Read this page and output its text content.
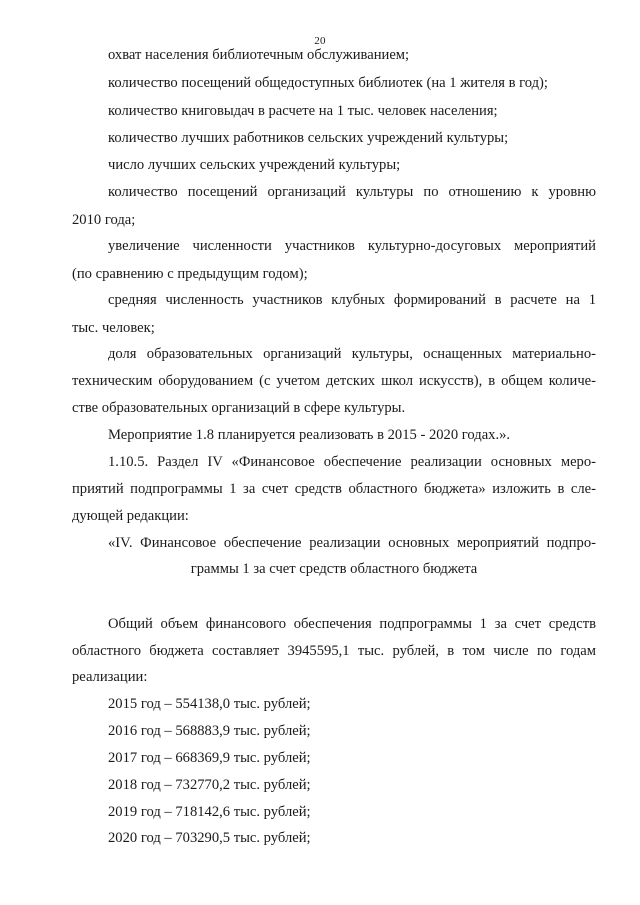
20
охват населения библиотечным обслуживанием;
количество посещений общедоступных библиотек (на 1 жителя в год);
количество книговыдач в расчете на 1 тыс. человек населения;
количество лучших работников сельских учреждений культуры;
число лучших сельских учреждений культуры;
количество посещений организаций культуры по отношению к уровню
2010 года;
увеличение численности участников культурно-досуговых мероприятий
(по сравнению с предыдущим годом);
средняя численность участников клубных формирований в расчете на 1
тыс. человек;
доля образовательных организаций культуры, оснащенных материально-
техническим оборудованием (с учетом детских школ искусств), в общем количе-
стве образовательных организаций в сфере культуры.
Мероприятие 1.8 планируется реализовать в 2015 - 2020 годах.».
1.10.5. Раздел IV «Финансовое обеспечение реализации основных меро-
приятий подпрограммы 1 за счет средств областного бюджета» изложить в сле-
дующей редакции:
«IV. Финансовое обеспечение реализации основных мероприятий подпро-
граммы 1 за счет средств областного бюджета
Общий объем финансового обеспечения подпрограммы 1 за счет средств
областного бюджета составляет 3945595,1 тыс. рублей, в том числе по годам
реализации:
2015 год – 554138,0 тыс. рублей;
2016 год – 568883,9 тыс. рублей;
2017 год – 668369,9 тыс. рублей;
2018 год – 732770,2 тыс. рублей;
2019 год – 718142,6 тыс. рублей;
2020 год – 703290,5 тыс. рублей;
